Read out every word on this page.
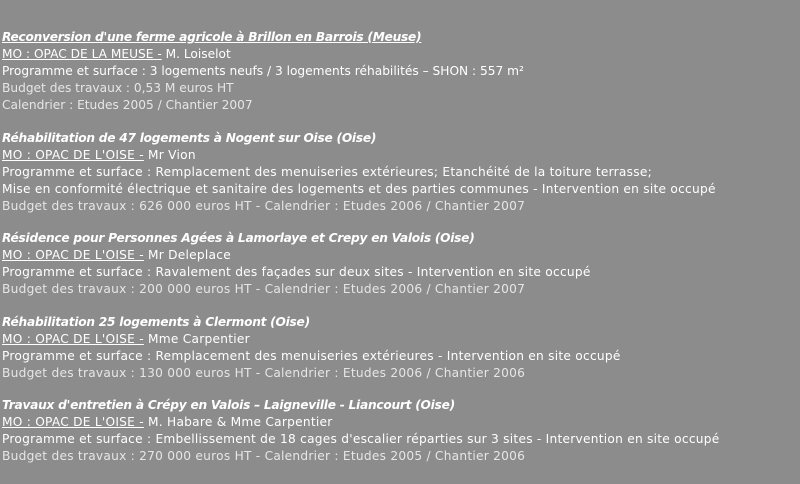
Reconversion d'une ferme agricole à Brillon en Barrois (Meuse)
MO : OPAC DE LA MEUSE - M. Loiselot
Programme et surface : 3 logements neufs / 3 logements réhabilités – SHON : 557 m²
Budget des travaux : 0,53 M euros HT
Calendrier : Etudes 2005 / Chantier 2007
Réhabilitation de 47 logements à Nogent sur Oise (Oise)
MO : OPAC DE L'OISE - Mr Vion
Programme et surface : Remplacement des menuiseries extérieures; Etanchéité de la toiture terrasse;
Mise en conformité électrique et sanitaire des logements et des parties communes - Intervention en site occupé
Budget des travaux : 626 000 euros HT - Calendrier : Etudes 2006 / Chantier 2007
Résidence pour Personnes Agées à Lamorlaye et Crepy en Valois (Oise)
MO : OPAC DE L'OISE - Mr Deleplace
Programme et surface : Ravalement des façades sur deux sites - Intervention en site occupé
Budget des travaux : 200 000 euros HT - Calendrier : Etudes 2006 / Chantier 2007
Réhabilitation 25 logements à Clermont (Oise)
MO : OPAC DE L'OISE - Mme Carpentier
Programme et surface : Remplacement des menuiseries extérieures - Intervention en site occupé
Budget des travaux : 130 000 euros HT - Calendrier : Etudes 2006 / Chantier 2006
Travaux d'entretien à Crépy en Valois – Laigneville - Liancourt (Oise)
MO : OPAC DE L'OISE - M. Habare & Mme Carpentier
Programme et surface : Embellissement de 18 cages d'escalier réparties sur 3 sites - Intervention en site occupé
Budget des travaux : 270 000 euros HT - Calendrier : Etudes 2005 / Chantier 2006
